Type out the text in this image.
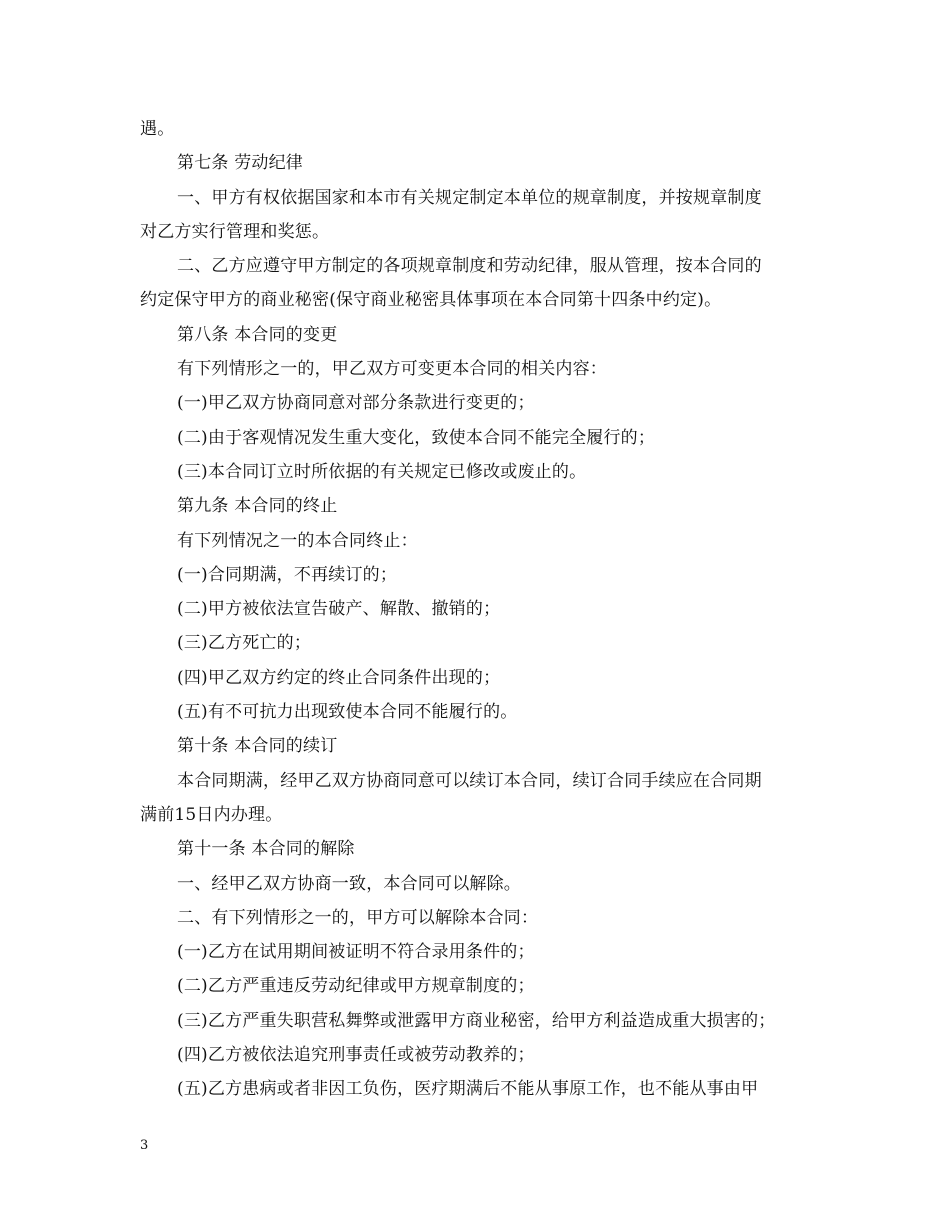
遇。
第七条 劳动纪律
一、甲方有权依据国家和本市有关规定制定本单位的规章制度，并按规章制度
对乙方实行管理和奖惩。
二、乙方应遵守甲方制定的各项规章制度和劳动纪律，服从管理，按本合同的
约定保守甲方的商业秘密(保守商业秘密具体事项在本合同第十四条中约定)。
第八条 本合同的变更
有下列情形之一的，甲乙双方可变更本合同的相关内容：
(一)甲乙双方协商同意对部分条款进行变更的；
(二)由于客观情况发生重大变化，致使本合同不能完全履行的；
(三)本合同订立时所依据的有关规定已修改或废止的。
第九条 本合同的终止
有下列情况之一的本合同终止：
(一)合同期满，不再续订的；
(二)甲方被依法宣告破产、解散、撤销的；
(三)乙方死亡的；
(四)甲乙双方约定的终止合同条件出现的；
(五)有不可抗力出现致使本合同不能履行的。
第十条 本合同的续订
本合同期满，经甲乙双方协商同意可以续订本合同，续订合同手续应在合同期
满前15日内办理。
第十一条 本合同的解除
一、经甲乙双方协商一致，本合同可以解除。
二、有下列情形之一的，甲方可以解除本合同：
(一)乙方在试用期间被证明不符合录用条件的；
(二)乙方严重违反劳动纪律或甲方规章制度的；
(三)乙方严重失职营私舞弊或泄露甲方商业秘密，给甲方利益造成重大损害的；
(四)乙方被依法追究刑事责任或被劳动教养的；
(五)乙方患病或者非因工负伤，医疗期满后不能从事原工作，也不能从事由甲
3
